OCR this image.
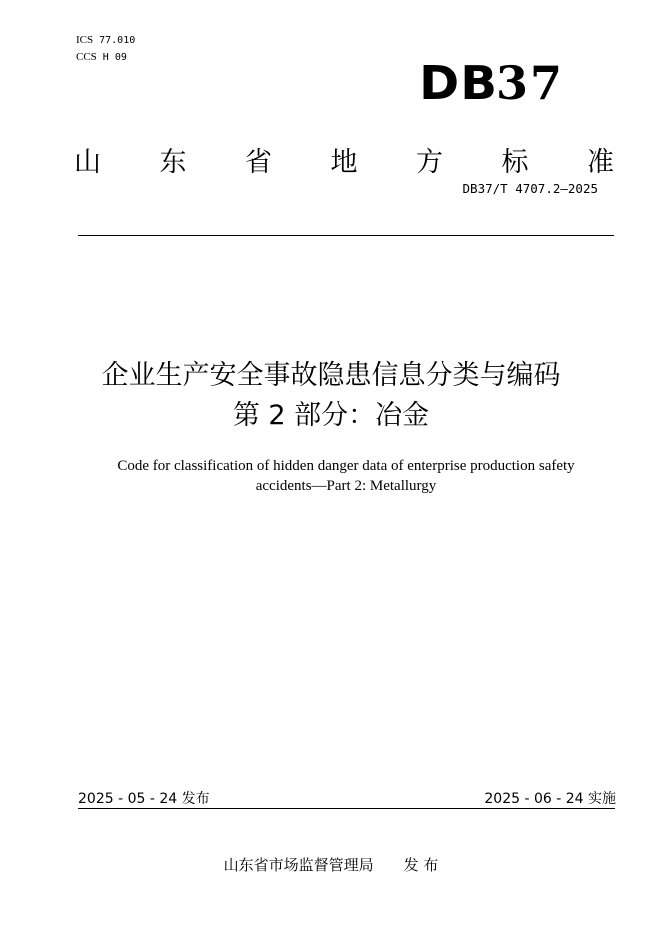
ICS 77.010
CCS H 09	DB37
山 东 省 地 方 标 准
DB37/T 4707.2—2025
企业生产安全事故隐患信息分类与编码
第 2 部分：冶金
Code for classification of hidden danger data of enterprise production safety accidents—Part 2: Metallurgy
2025 - 05 - 24 发布	2025 - 06 - 24 实施
山东省市场监督管理局 发 布
